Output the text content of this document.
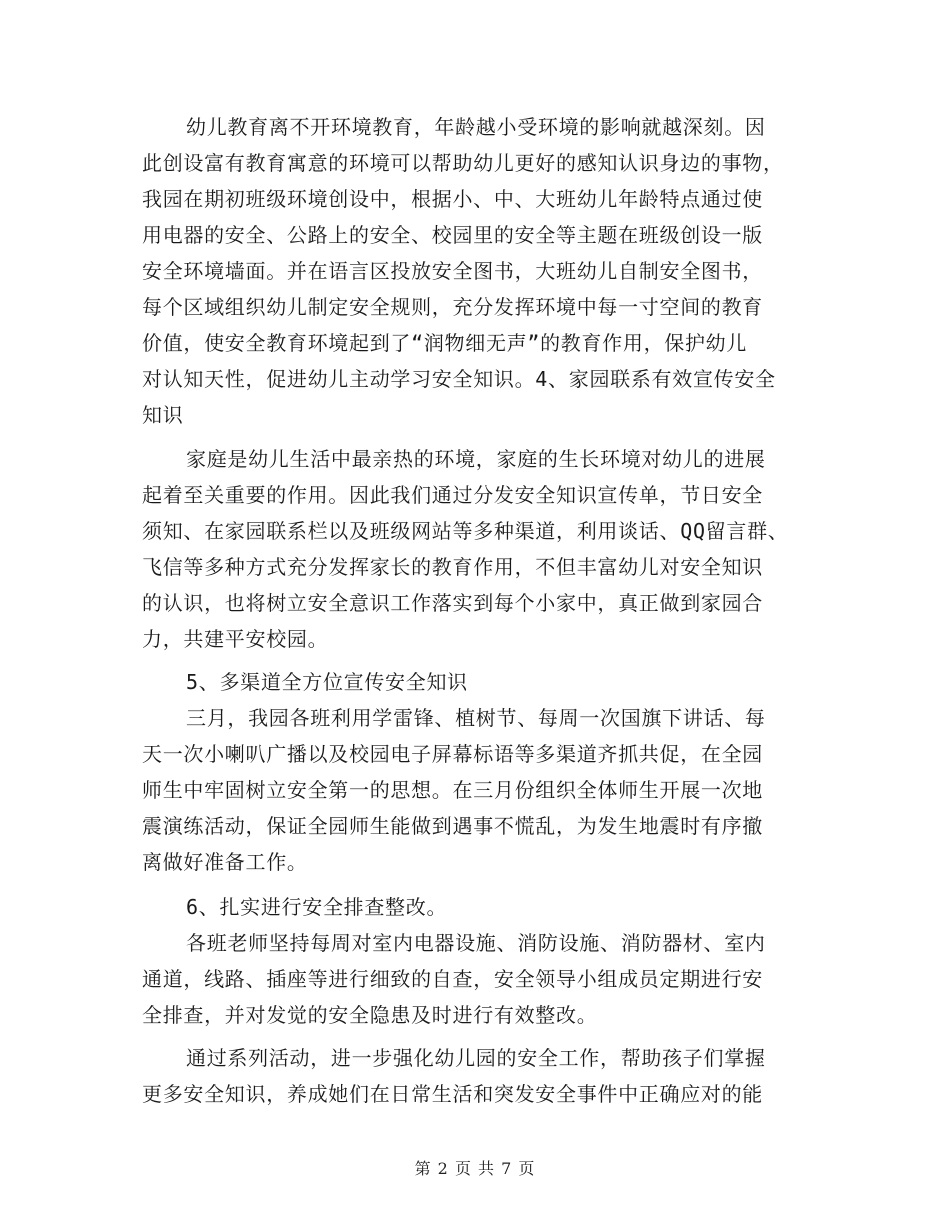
幼儿教育离不开环境教育，年龄越小受环境的影响就越深刻。因
此创设富有教育寓意的环境可以帮助幼儿更好的感知认识身边的事物，
我园在期初班级环境创设中，根据小、中、大班幼儿年龄特点通过使
用电器的安全、公路上的安全、校园里的安全等主题在班级创设一版
安全环境墙面。并在语言区投放安全图书，大班幼儿自制安全图书，
每个区域组织幼儿制定安全规则，充分发挥环境中每一寸空间的教育
价值，使安全教育环境起到了“润物细无声”的教育作用，保护幼儿
对认知天性，促进幼儿主动学习安全知识。4、家园联系有效宣传安全
知识
家庭是幼儿生活中最亲热的环境，家庭的生长环境对幼儿的进展
起着至关重要的作用。因此我们通过分发安全知识宣传单，节日安全
须知、在家园联系栏以及班级网站等多种渠道，利用谈话、QQ留言群、
飞信等多种方式充分发挥家长的教育作用，不但丰富幼儿对安全知识
的认识，也将树立安全意识工作落实到每个小家中，真正做到家园合
力，共建平安校园。
5、多渠道全方位宣传安全知识
三月，我园各班利用学雷锋、植树节、每周一次国旗下讲话、每
天一次小喇叭广播以及校园电子屏幕标语等多渠道齐抓共促，在全园
师生中牢固树立安全第一的思想。在三月份组织全体师生开展一次地
震演练活动，保证全园师生能做到遇事不慌乱，为发生地震时有序撤
离做好准备工作。
6、扎实进行安全排查整改。
各班老师坚持每周对室内电器设施、消防设施、消防器材、室内
通道，线路、插座等进行细致的自查，安全领导小组成员定期进行安
全排查，并对发觉的安全隐患及时进行有效整改。
通过系列活动，进一步强化幼儿园的安全工作，帮助孩子们掌握
更多安全知识，养成她们在日常生活和突发安全事件中正确应对的能
第 2 页 共 7 页
